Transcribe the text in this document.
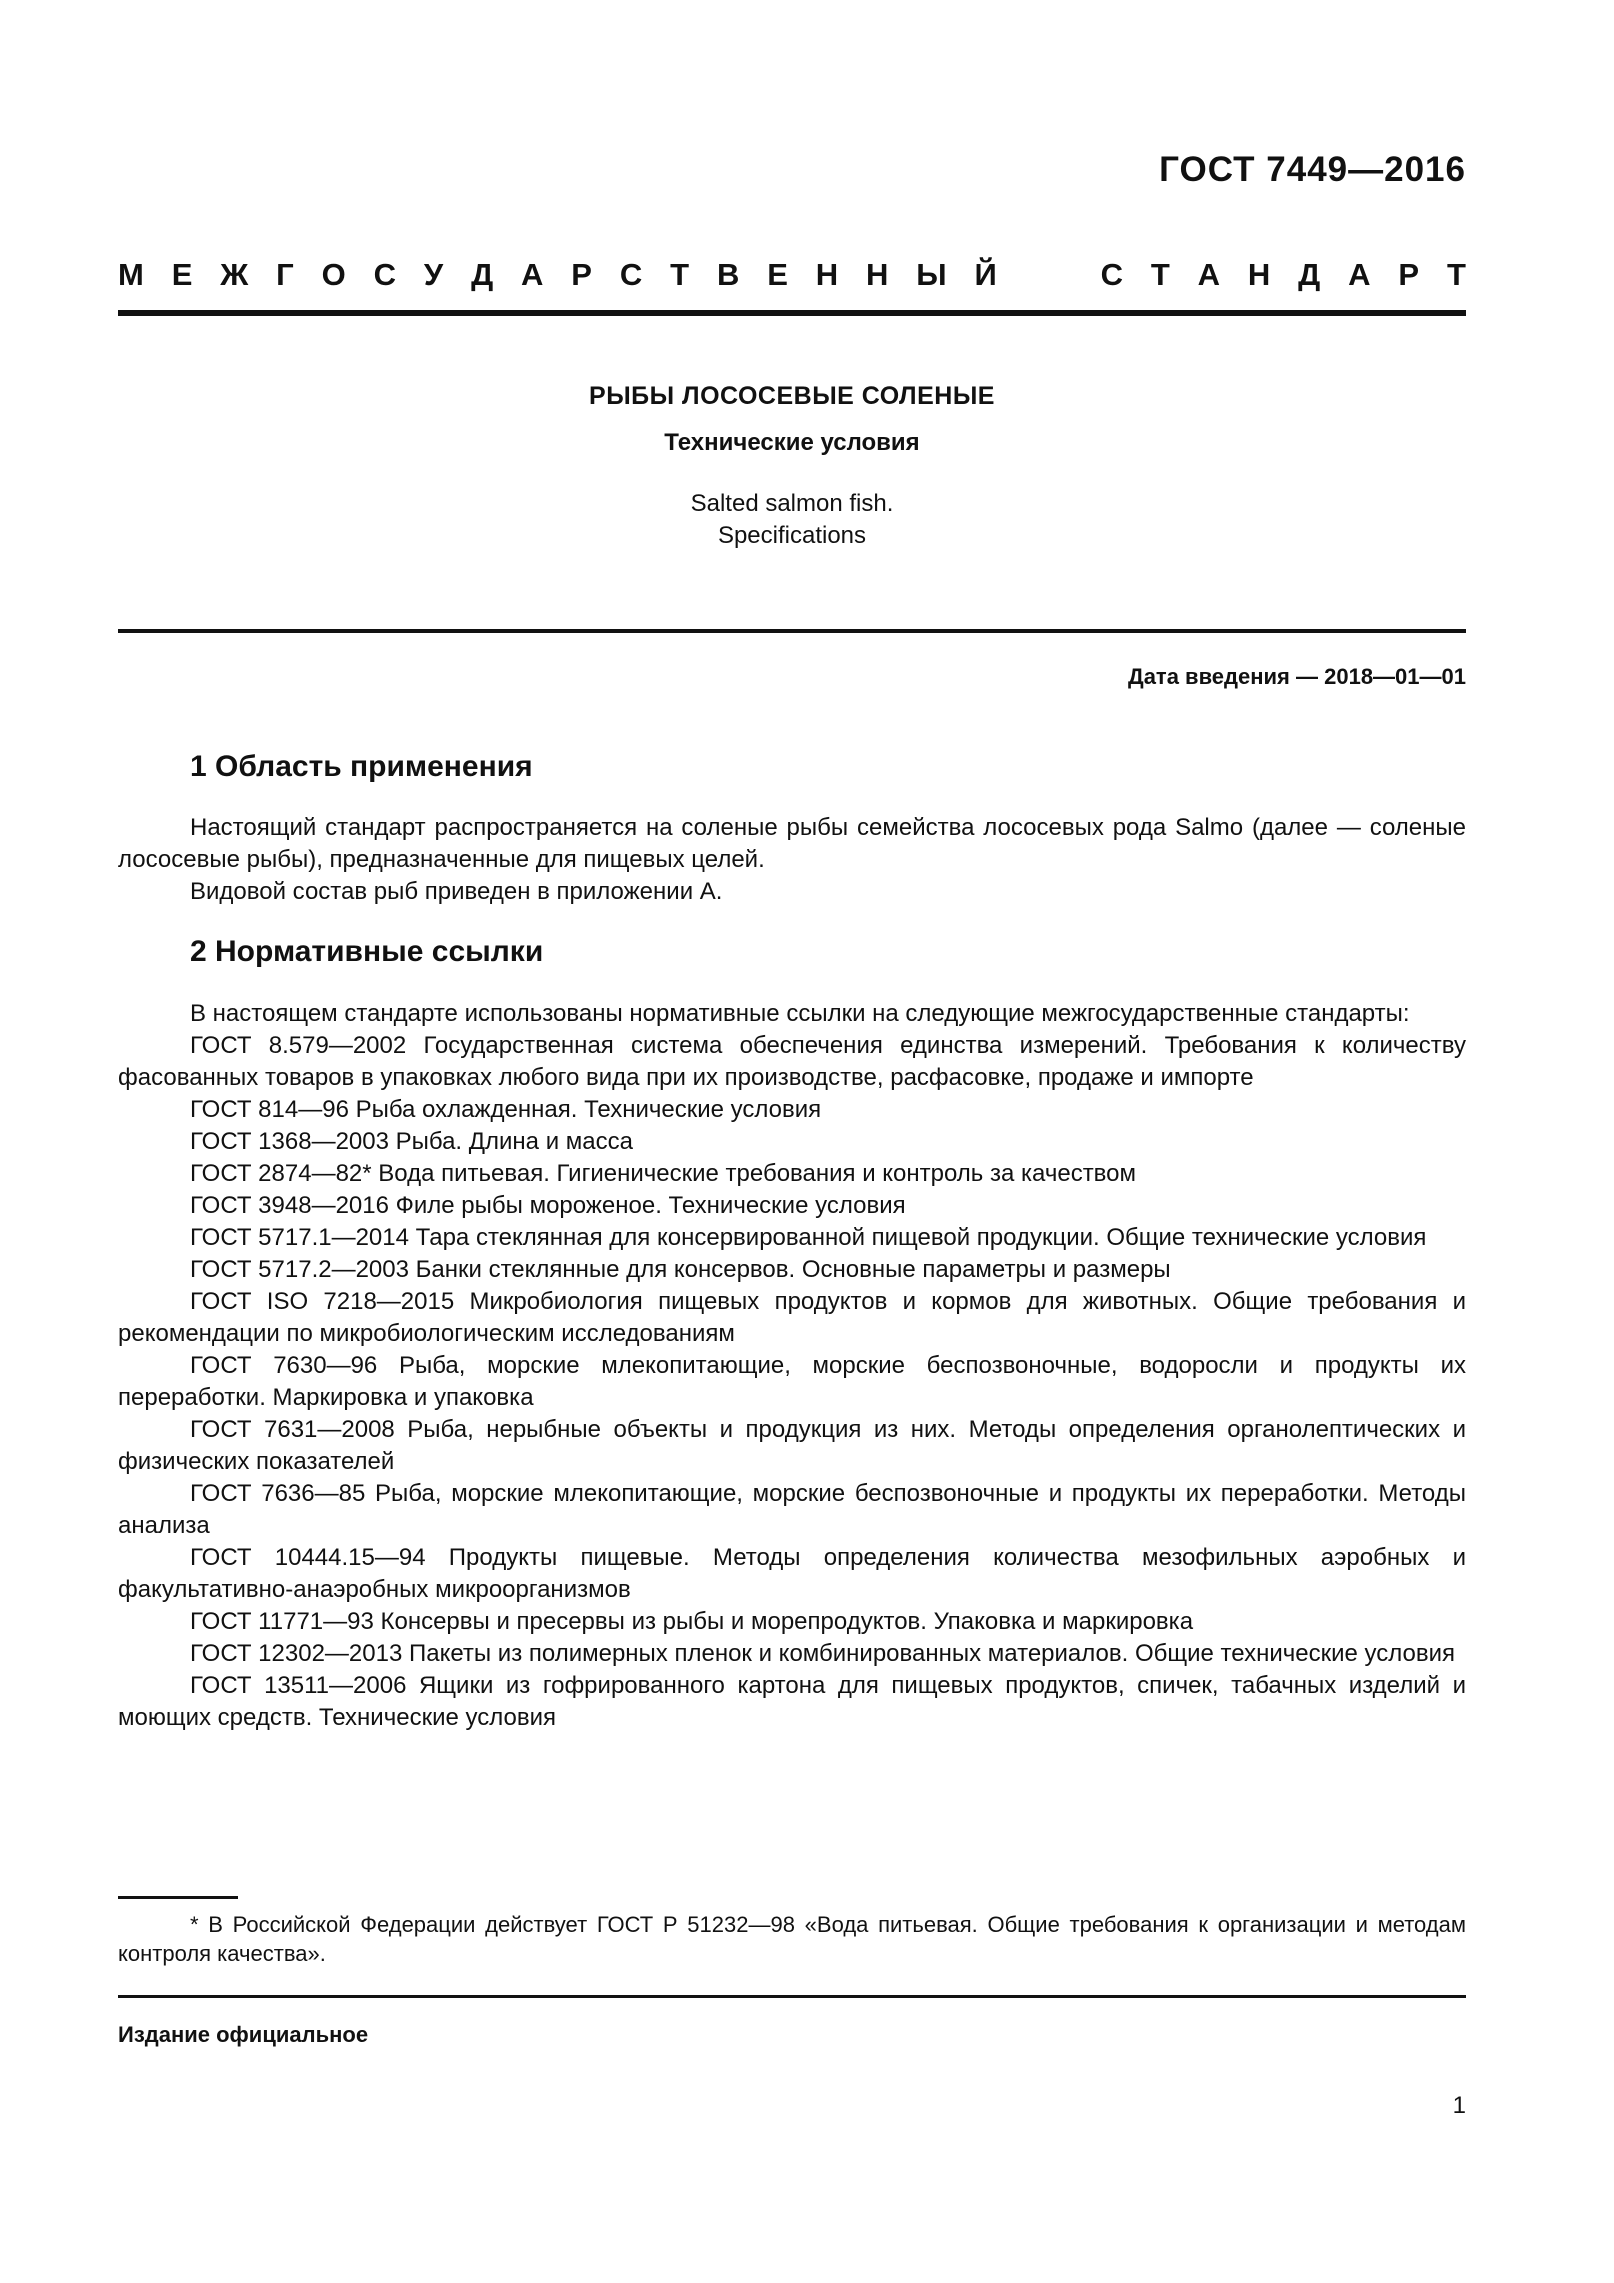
ГОСТ 7449—2016
М Е Ж Г О С У Д А Р С Т В Е Н Н Ы Й	С Т А Н Д А Р Т
РЫБЫ ЛОСОСЕВЫЕ СОЛЕНЫЕ
Технические условия
Salted salmon fish.
Specifications
Дата введения — 2018—01—01
1 Область применения

Настоящий стандарт распространяется на соленые рыбы семейства лососевых рода Salmo (далее — соленые лососевые рыбы), предназначенные для пищевых целей.

Видовой состав рыб приведен в приложении А.

2 Нормативные ссылки

В настоящем стандарте использованы нормативные ссылки на следующие межгосударственные стандарты:

ГОСТ 8.579—2002 Государственная система обеспечения единства измерений. Требования к количеству фасованных товаров в упаковках любого вида при их производстве, расфасовке, продаже и импорте

ГОСТ 814—96 Рыба охлажденная. Технические условия

ГОСТ 1368—2003 Рыба. Длина и масса

ГОСТ 2874—82* Вода питьевая. Гигиенические требования и контроль за качеством

ГОСТ 3948—2016 Филе рыбы мороженое. Технические условия

ГОСТ 5717.1—2014 Тара стеклянная для консервированной пищевой продукции. Общие технические условия

ГОСТ 5717.2—2003 Банки стеклянные для консервов. Основные параметры и размеры

ГОСТ ISO 7218—2015 Микробиология пищевых продуктов и кормов для животных. Общие требования и рекомендации по микробиологическим исследованиям

ГОСТ 7630—96 Рыба, морские млекопитающие, морские беспозвоночные, водоросли и продукты их переработки. Маркировка и упаковка

ГОСТ 7631—2008 Рыба, нерыбные объекты и продукция из них. Методы определения органолептических и физических показателей

ГОСТ 7636—85 Рыба, морские млекопитающие, морские беспозвоночные и продукты их переработки. Методы анализа

ГОСТ 10444.15—94 Продукты пищевые. Методы определения количества мезофильных аэробных и факультативно-анаэробных микроорганизмов

ГОСТ 11771—93 Консервы и пресервы из рыбы и морепродуктов. Упаковка и маркировка

ГОСТ 12302—2013 Пакеты из полимерных пленок и комбинированных материалов. Общие технические условия

ГОСТ 13511—2006 Ящики из гофрированного картона для пищевых продуктов, спичек, табачных изделий и моющих средств. Технические условия

* В Российской Федерации действует ГОСТ Р 51232—98 «Вода питьевая. Общие требования к организации и методам контроля качества».

Издание официальное
1
